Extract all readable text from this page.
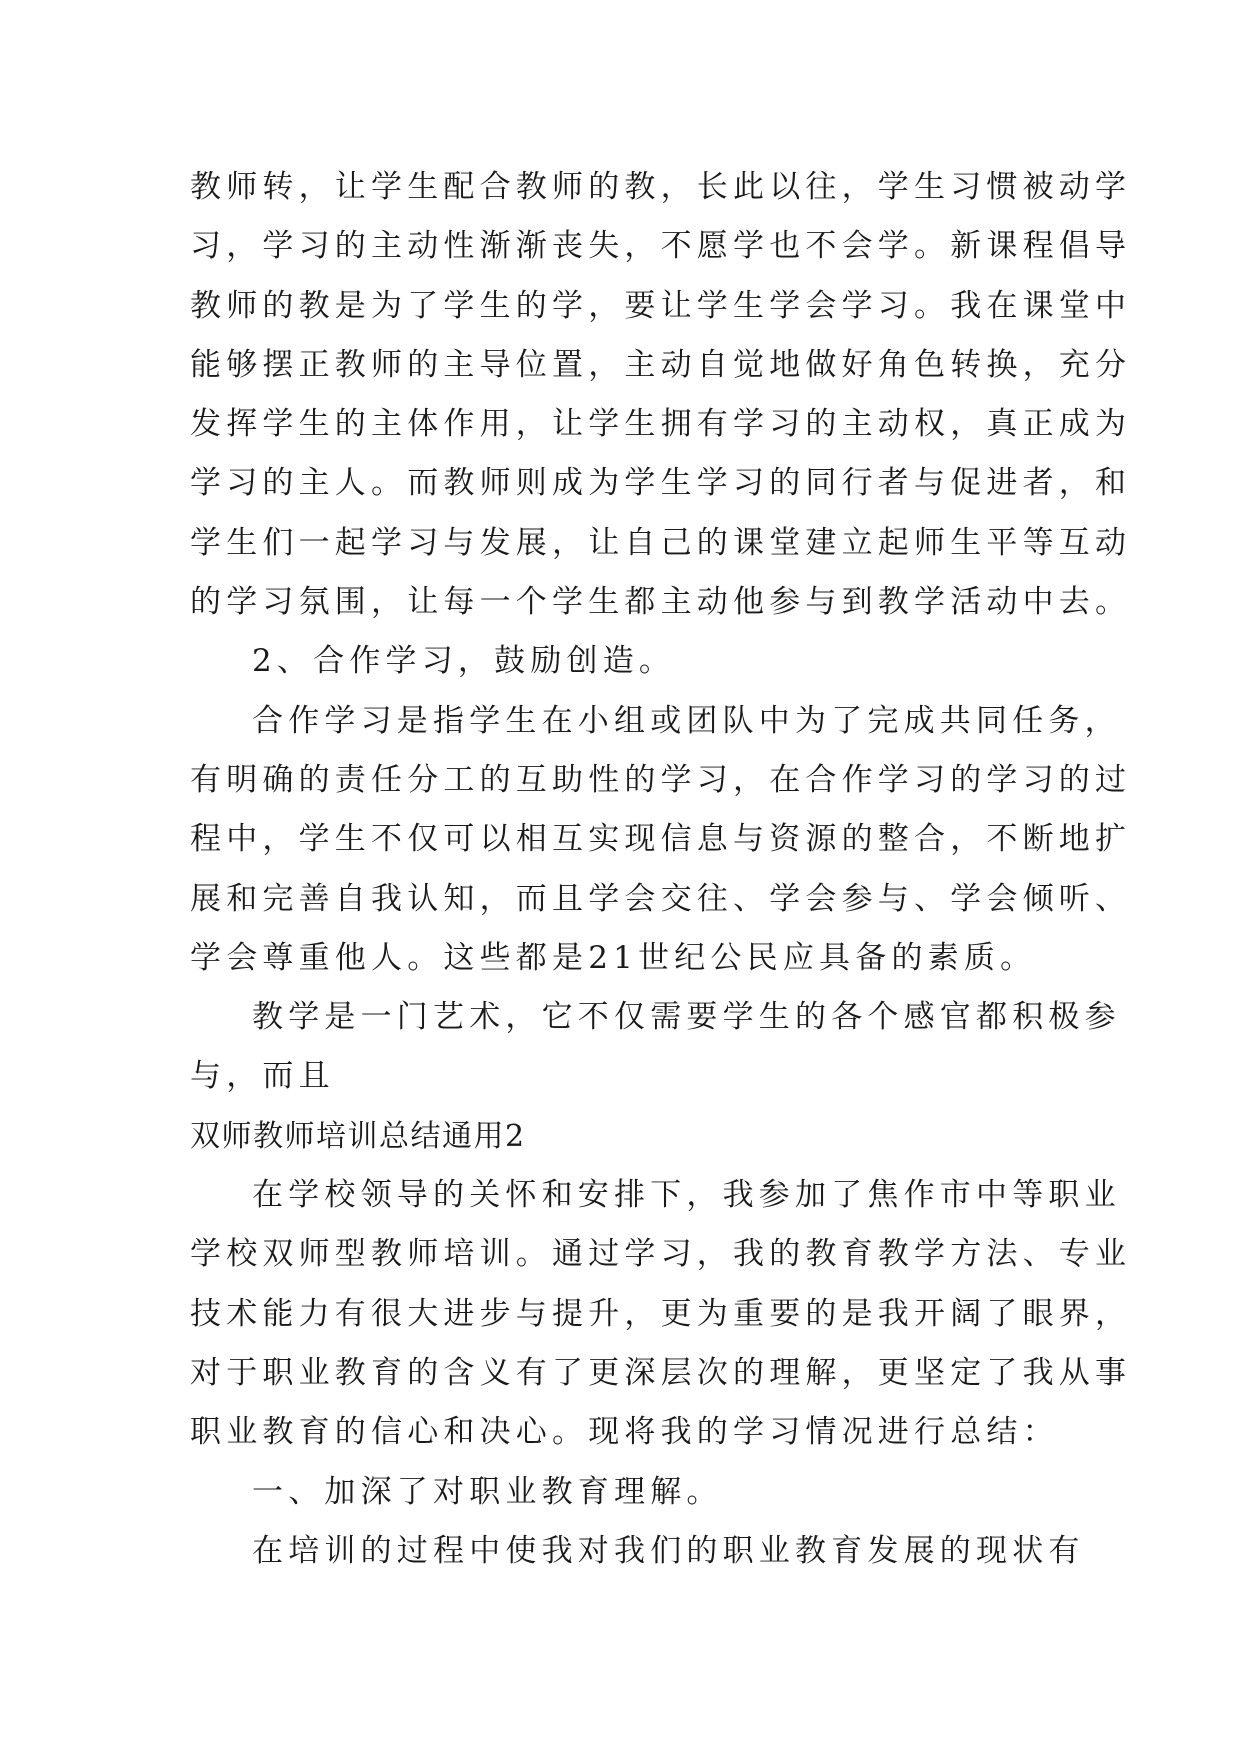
教师转，让学生配合教师的教，长此以往，学生习惯被动学
习，学习的主动性渐渐丧失，不愿学也不会学。新课程倡导
教师的教是为了学生的学，要让学生学会学习。我在课堂中
能够摆正教师的主导位置，主动自觉地做好角色转换，充分
发挥学生的主体作用，让学生拥有学习的主动权，真正成为
学习的主人。而教师则成为学生学习的同行者与促进者，和
学生们一起学习与发展，让自己的课堂建立起师生平等互动
的学习氛围，让每一个学生都主动他参与到教学活动中去。
2、合作学习，鼓励创造。
合作学习是指学生在小组或团队中为了完成共同任务，
有明确的责任分工的互助性的学习，在合作学习的学习的过
程中，学生不仅可以相互实现信息与资源的整合，不断地扩
展和完善自我认知，而且学会交往、学会参与、学会倾听、
学会尊重他人。这些都是21世纪公民应具备的素质。
教学是一门艺术，它不仅需要学生的各个感官都积极参
与，而且
双师教师培训总结通用2
在学校领导的关怀和安排下，我参加了焦作市中等职业
学校双师型教师培训。通过学习，我的教育教学方法、专业
技术能力有很大进步与提升，更为重要的是我开阔了眼界，
对于职业教育的含义有了更深层次的理解，更坚定了我从事
职业教育的信心和决心。现将我的学习情况进行总结：
一、加深了对职业教育理解。
在培训的过程中使我对我们的职业教育发展的现状有
